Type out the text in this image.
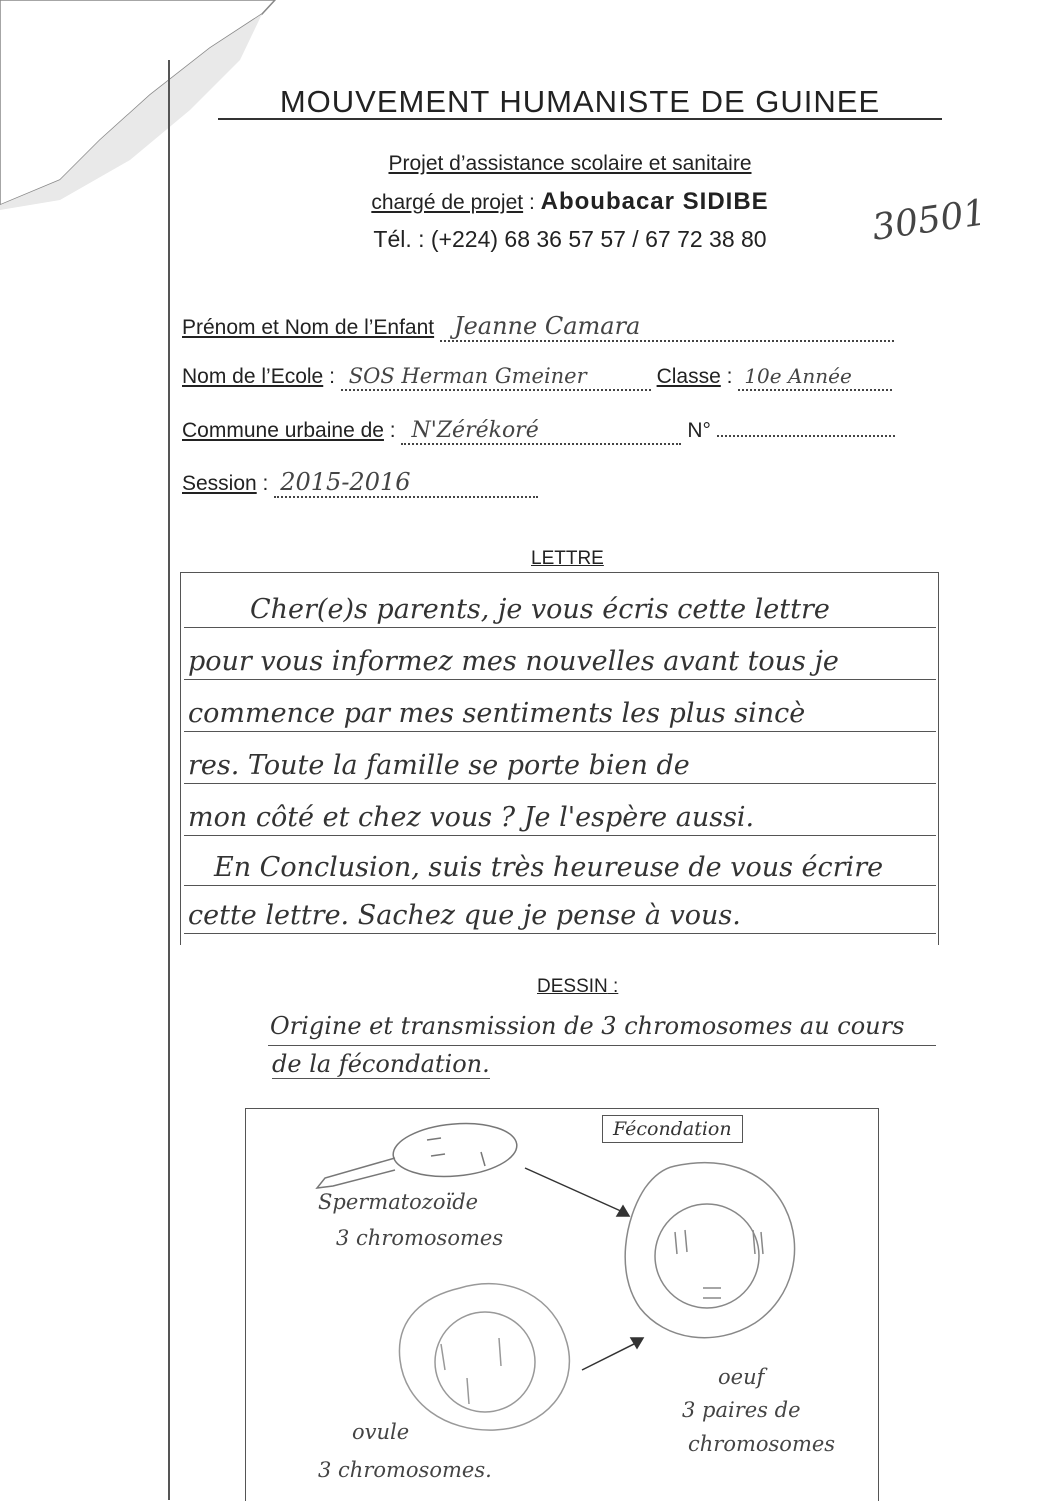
MOUVEMENT HUMANISTE DE GUINEE
Projet d’assistance scolaire et sanitaire
chargé de projet : Aboubacar SIDIBE
Tél. : (+224) 68 36 57 57 / 67 72 38 80	30501
Prénom et Nom de l’Enfant Jeanne Camara
Nom de l’Ecole : SOS Herman Gmeiner	Classe : 10e Année
Commune urbaine de : N'Zérékoré	N°
Session : 2015-2016
LETTRE
Cher(e)s parents, je vous écris cette lettre
pour vous informez mes nouvelles avant tous je
commence par mes sentiments les plus sincè
res. Toute la famille se porte bien de
mon côté et chez vous ? Je l'espère aussi.
En Conclusion, suis très heureuse de vous écrire
cette lettre. Sachez que je pense à vous.
DESSIN :
Origine et transmission de 3 chromosomes au cours
de la fécondation.
Fécondation
Spermatozoïde
3 chromosomes
oeuf
3 paires de
chromosomes
ovule
3 chromosomes.
